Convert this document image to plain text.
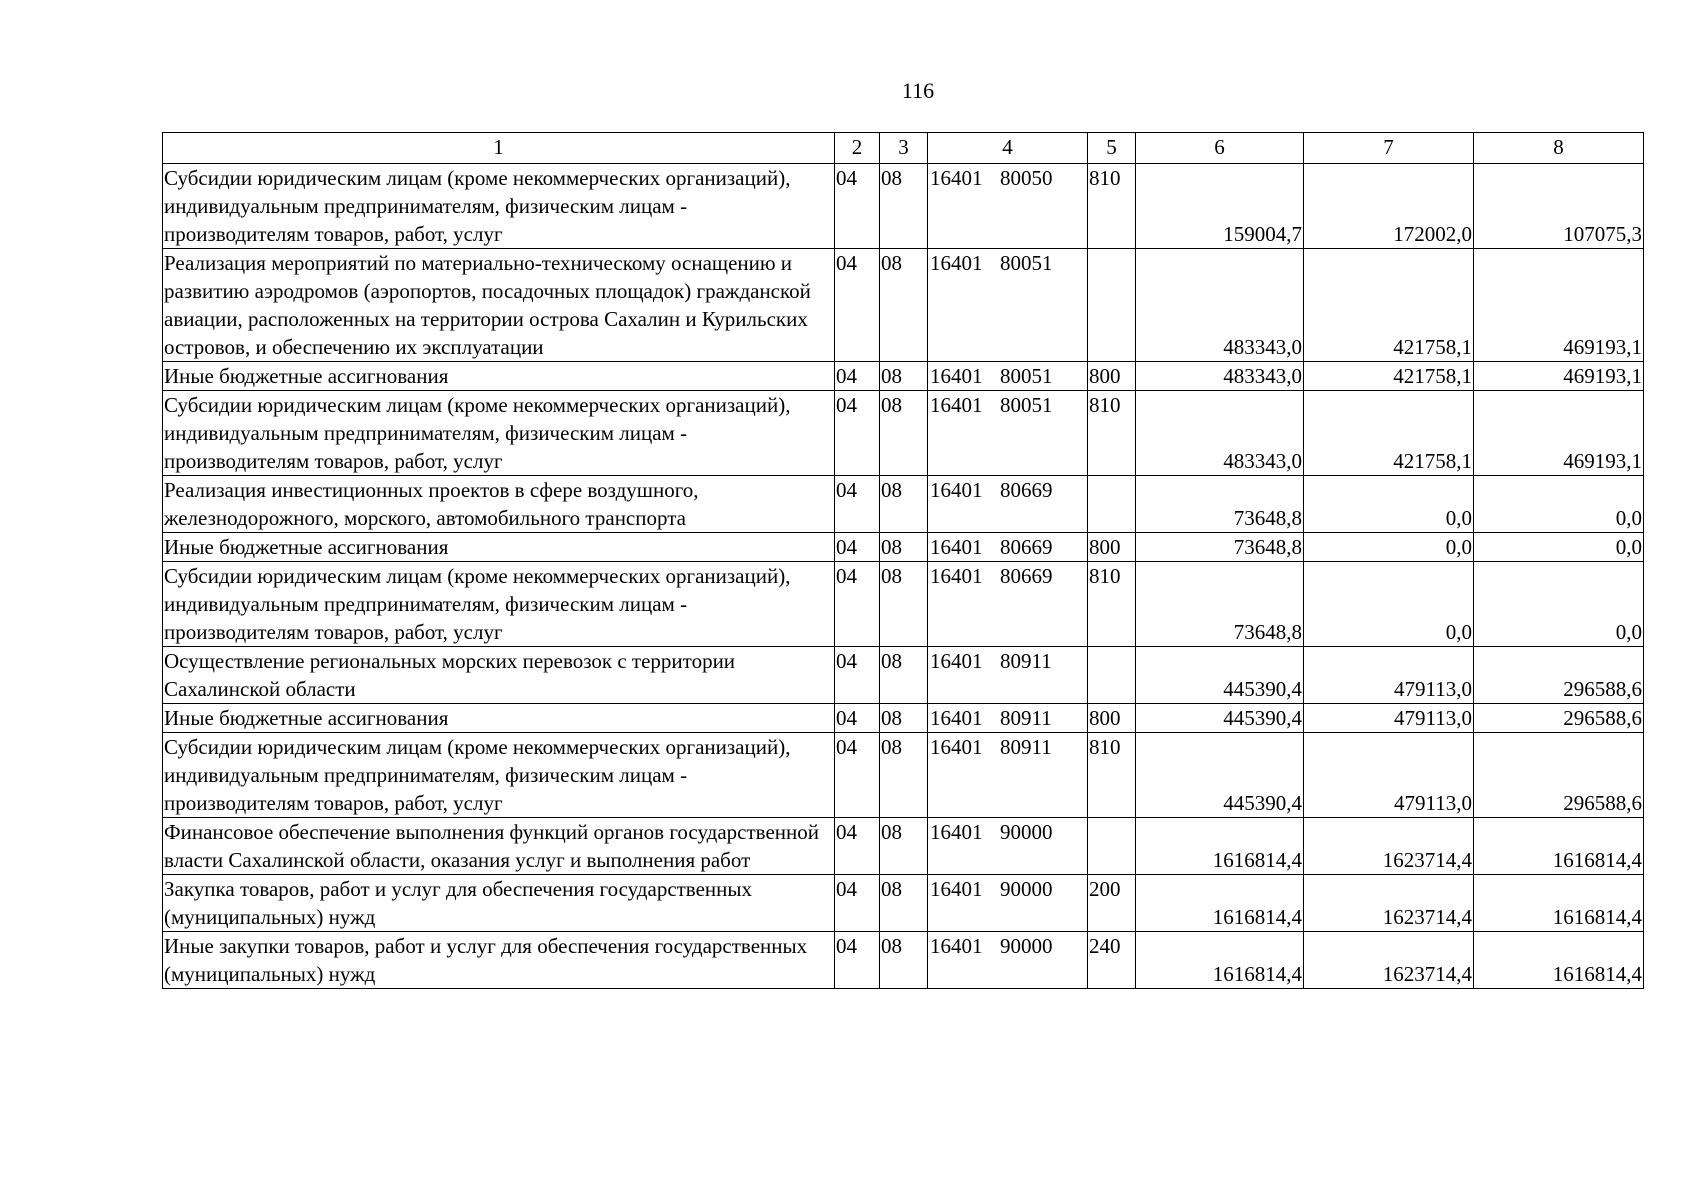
116
1	2	3	4	5	6	7	8
Субсидии юридическим лицам (кроме некоммерческих организаций), индивидуальным предпринимателям, физическим лицам - производителям товаров, работ, услуг	04	08	16401 80050	810	159004,7	172002,0	107075,3
Реализация мероприятий по материально-техническому оснащению и развитию аэродромов (аэропортов, посадочных площадок) гражданской авиации, расположенных на территории острова Сахалин и Курильских островов, и обеспечению их эксплуатации	04	08	16401 80051		483343,0	421758,1	469193,1
Иные бюджетные ассигнования	04	08	16401 80051	800	483343,0	421758,1	469193,1
Субсидии юридическим лицам (кроме некоммерческих организаций), индивидуальным предпринимателям, физическим лицам - производителям товаров, работ, услуг	04	08	16401 80051	810	483343,0	421758,1	469193,1
Реализация инвестиционных проектов в сфере воздушного, железнодорожного, морского, автомобильного транспорта	04	08	16401 80669		73648,8	0,0	0,0
Иные бюджетные ассигнования	04	08	16401 80669	800	73648,8	0,0	0,0
Субсидии юридическим лицам (кроме некоммерческих организаций), индивидуальным предпринимателям, физическим лицам - производителям товаров, работ, услуг	04	08	16401 80669	810	73648,8	0,0	0,0
Осуществление региональных морских перевозок с территории Сахалинской области	04	08	16401 80911		445390,4	479113,0	296588,6
Иные бюджетные ассигнования	04	08	16401 80911	800	445390,4	479113,0	296588,6
Субсидии юридическим лицам (кроме некоммерческих организаций), индивидуальным предпринимателям, физическим лицам - производителям товаров, работ, услуг	04	08	16401 80911	810	445390,4	479113,0	296588,6
Финансовое обеспечение выполнения функций органов государственной власти Сахалинской области, оказания услуг и выполнения работ	04	08	16401 90000		1616814,4	1623714,4	1616814,4
Закупка товаров, работ и услуг для обеспечения государственных (муниципальных) нужд	04	08	16401 90000	200	1616814,4	1623714,4	1616814,4
Иные закупки товаров, работ и услуг для обеспечения государственных (муниципальных) нужд	04	08	16401 90000	240	1616814,4	1623714,4	1616814,4
